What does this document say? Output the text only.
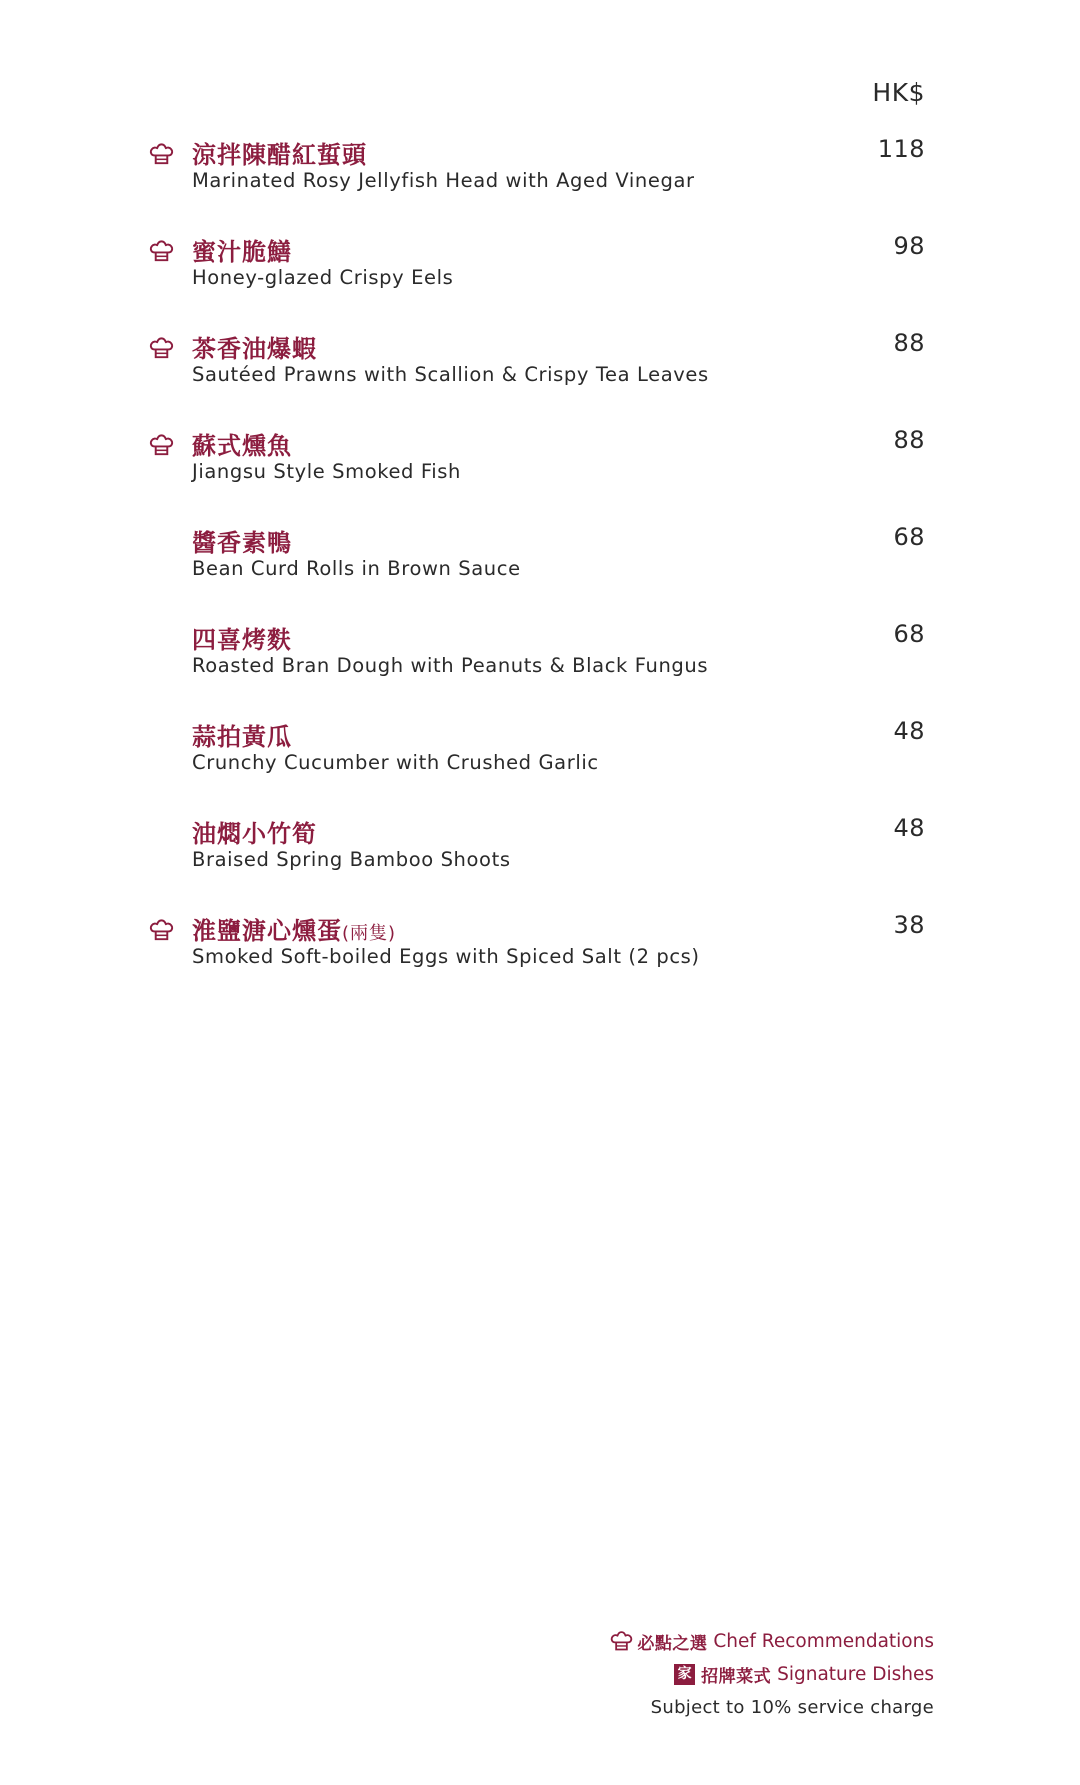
HK$
涼拌陳醋紅蜇頭
Marinated Rosy Jellyfish Head with Aged Vinegar
118
蜜汁脆鱔
Honey-glazed Crispy Eels
98
茶香油爆蝦
Sautéed Prawns with Scallion & Crispy Tea Leaves
88
蘇式燻魚
Jiangsu Style Smoked Fish
88
醬香素鴨
Bean Curd Rolls in Brown Sauce
68
四喜烤麩
Roasted Bran Dough with Peanuts & Black Fungus
68
蒜拍黃瓜
Crunchy Cucumber with Crushed Garlic
48
油燜小竹筍
Braised Spring Bamboo Shoots
48
淮鹽溏心燻蛋(兩隻)
Smoked Soft-boiled Eggs with Spiced Salt (2 pcs)
38
必點之選 Chef Recommendations
家 招牌菜式 Signature Dishes
Subject to 10% service charge
